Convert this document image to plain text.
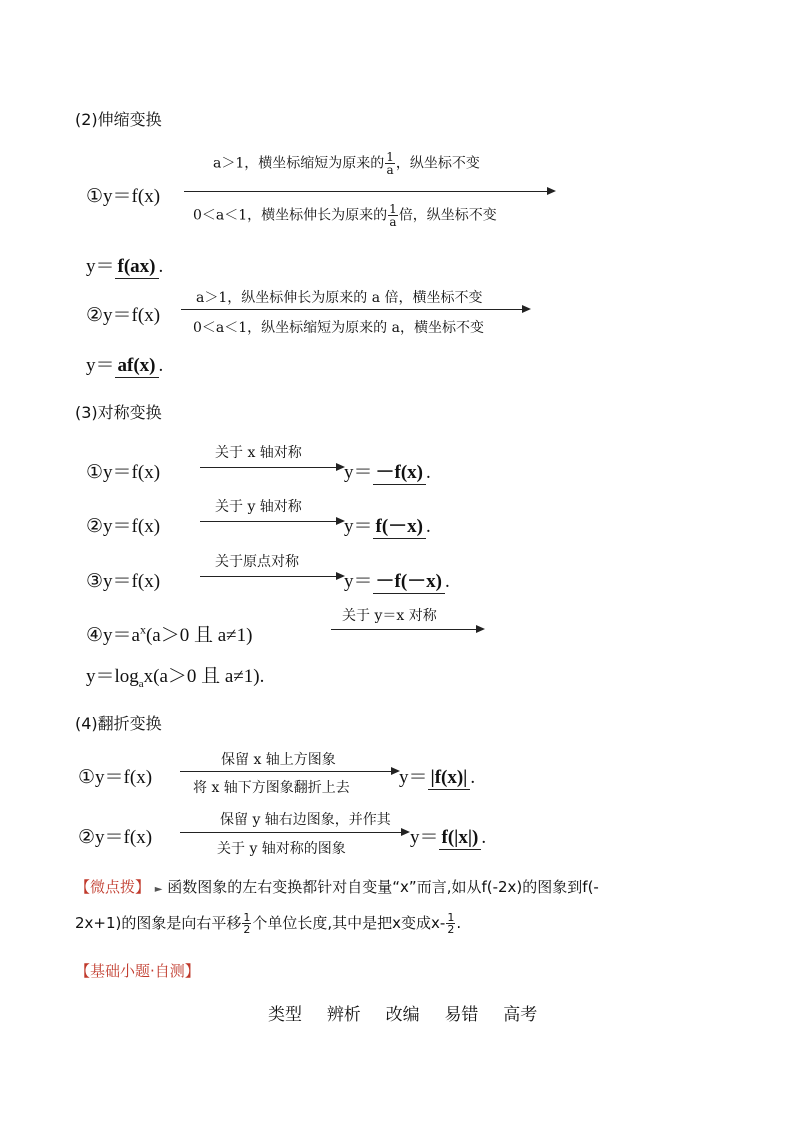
(2)伸缩变换
①y＝f(x)
a＞1，横坐标缩短为原来的 $\frac{1}{a}$ ，纵坐标不变
0＜a＜1，横坐标伸长为原来的 $\frac{1}{a}$ 倍，纵坐标不变
y＝ f(ax) .
②y＝f(x)
a＞1，纵坐标伸长为原来的 a 倍，横坐标不变
0＜a＜1，纵坐标缩短为原来的 a，横坐标不变
y＝ af(x) .
(3)对称变换
①y＝f(x)
关于 x 轴对称
y＝ －f(x) .
②y＝f(x)
关于 y 轴对称
y＝ f(－x) .
③y＝f(x)
关于原点对称
y＝ －f(－x) .
$④y=a^x(a>0$ 且 a≠1)
关于 y＝x 对称
$y=\log_ax(a>0$ 且 a≠1).
(4)翻折变换
①y＝f(x)
保留 x 轴上方图象
将 x 轴下方图象翻折上去	y＝ |f(x)| .
②y＝f(x)
保留 y 轴右边图象，并作其
关于 y 轴对称的图象
y＝ f(|x|) .
【微点拨】 ► 函数图象的左右变换都针对自变量“x”而言,如从f(-2x)的图象到f(-
2x+1)的图象是向右平移 $\frac{1}{2}$ 个单位长度,其中是把x变成$x- \frac{1}{2}$ .
【基础小题·自测】
类型 辨析 改编 易错 高考
